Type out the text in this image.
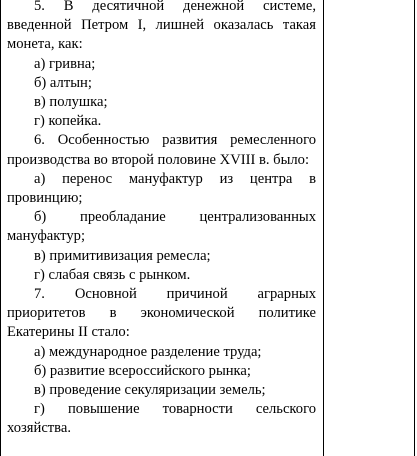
5. В десятичной денежной системе, введенной Петром I, лишней оказалась такая монета, как:

а) гривна;

б) алтын;

в) полушка;

г) копейка.

6. Особенностью развития ремесленного производства во второй половине XVIII в. было:

а) перенос мануфактур из центра в провинцию;

б) преобладание централизованных мануфактур;

в) примитивизация ремесла;

г) слабая связь с рынком.

7. Основной причиной аграрных приоритетов в экономической политике Екатерины II стало:

а) международное разделение труда;

б) развитие всероссийского рынка;

в) проведение секуляризации земель;

г) повышение товарности сельского хозяйства.
